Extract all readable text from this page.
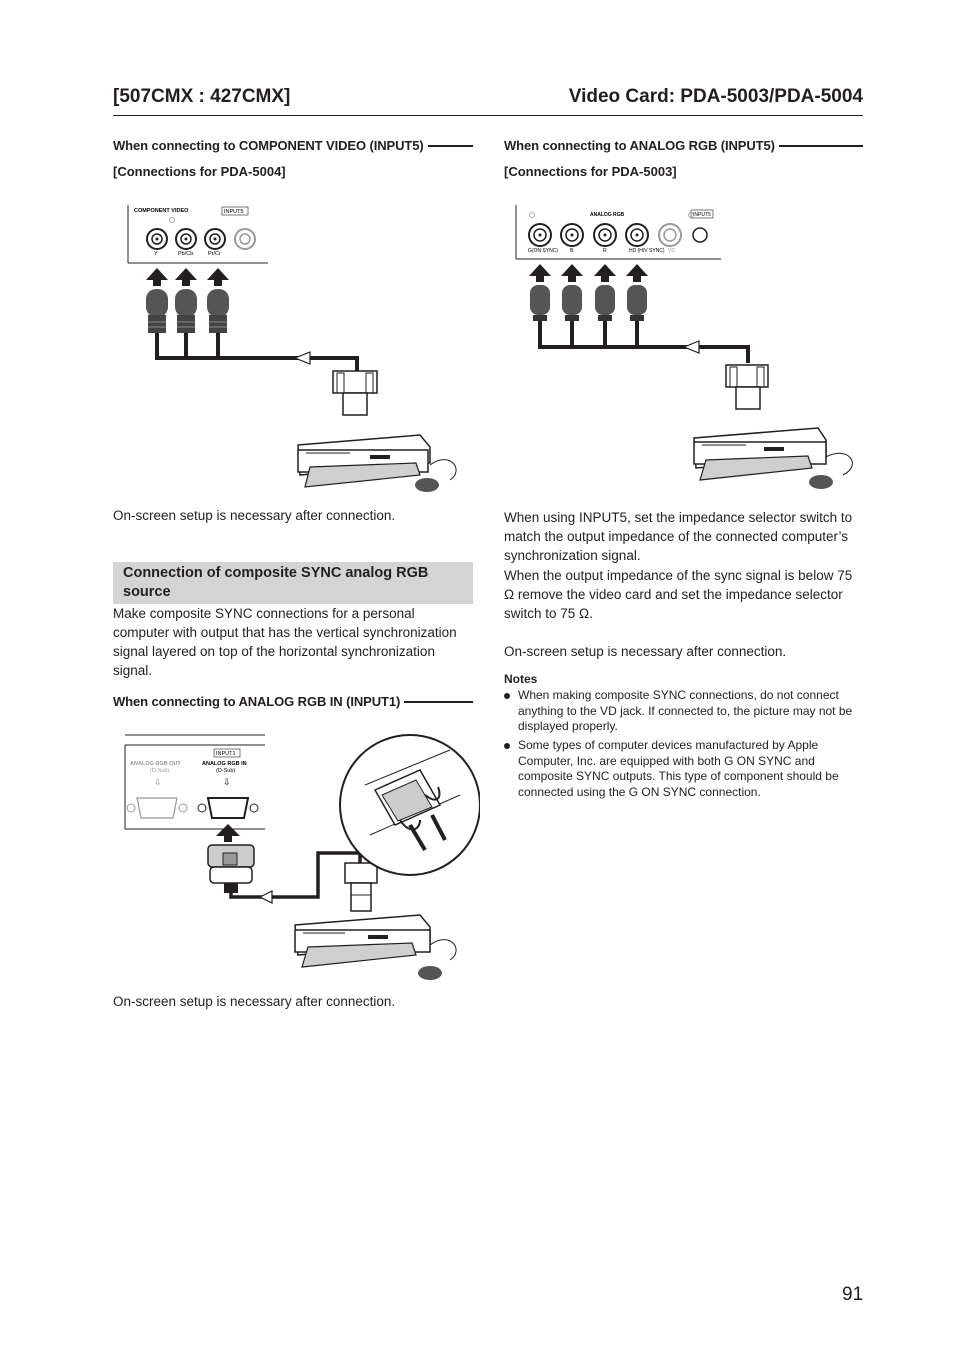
[507CMX : 427CMX]	Video Card: PDA-5003/PDA-5004
When connecting to COMPONENT VIDEO (INPUT5)
[Connections for PDA-5004]
COMPONENT VIDEO	INPUT5
Y	Pb/Cb	Pr/Cr
On-screen setup is necessary after connection.
Connection of composite SYNC analog RGB source
Make composite SYNC connections for a personal computer with output that has the vertical synchronization signal layered on top of the horizontal synchronization signal.
When connecting to ANALOG RGB IN (INPUT1)
INPUT1
ANALOG RGB OUT
(D-Sub)
ANALOG RGB IN
(D-Sub)
⇩	⇩
On-screen setup is necessary after connection.
When connecting to ANALOG RGB (INPUT5)
[Connections for PDA-5003]
ANALOG RGB	INPUT5
G(ON SYNC) B	R	HD (H/V SYNC) VD
When using INPUT5, set the impedance selector switch to match the output impedance of the connected computer’s synchronization signal.
When the output impedance of the sync signal is below 75 Ω remove the video card and set the impedance selector switch to 75 Ω.
On-screen setup is necessary after connection.
Notes
When making composite SYNC connections, do not connect anything to the VD jack. If connected to, the picture may not be displayed properly.
Some types of computer devices manufactured by Apple Computer, Inc. are equipped with both G ON SYNC and composite SYNC outputs. This type of component should be connected using the G ON SYNC connection.
91
